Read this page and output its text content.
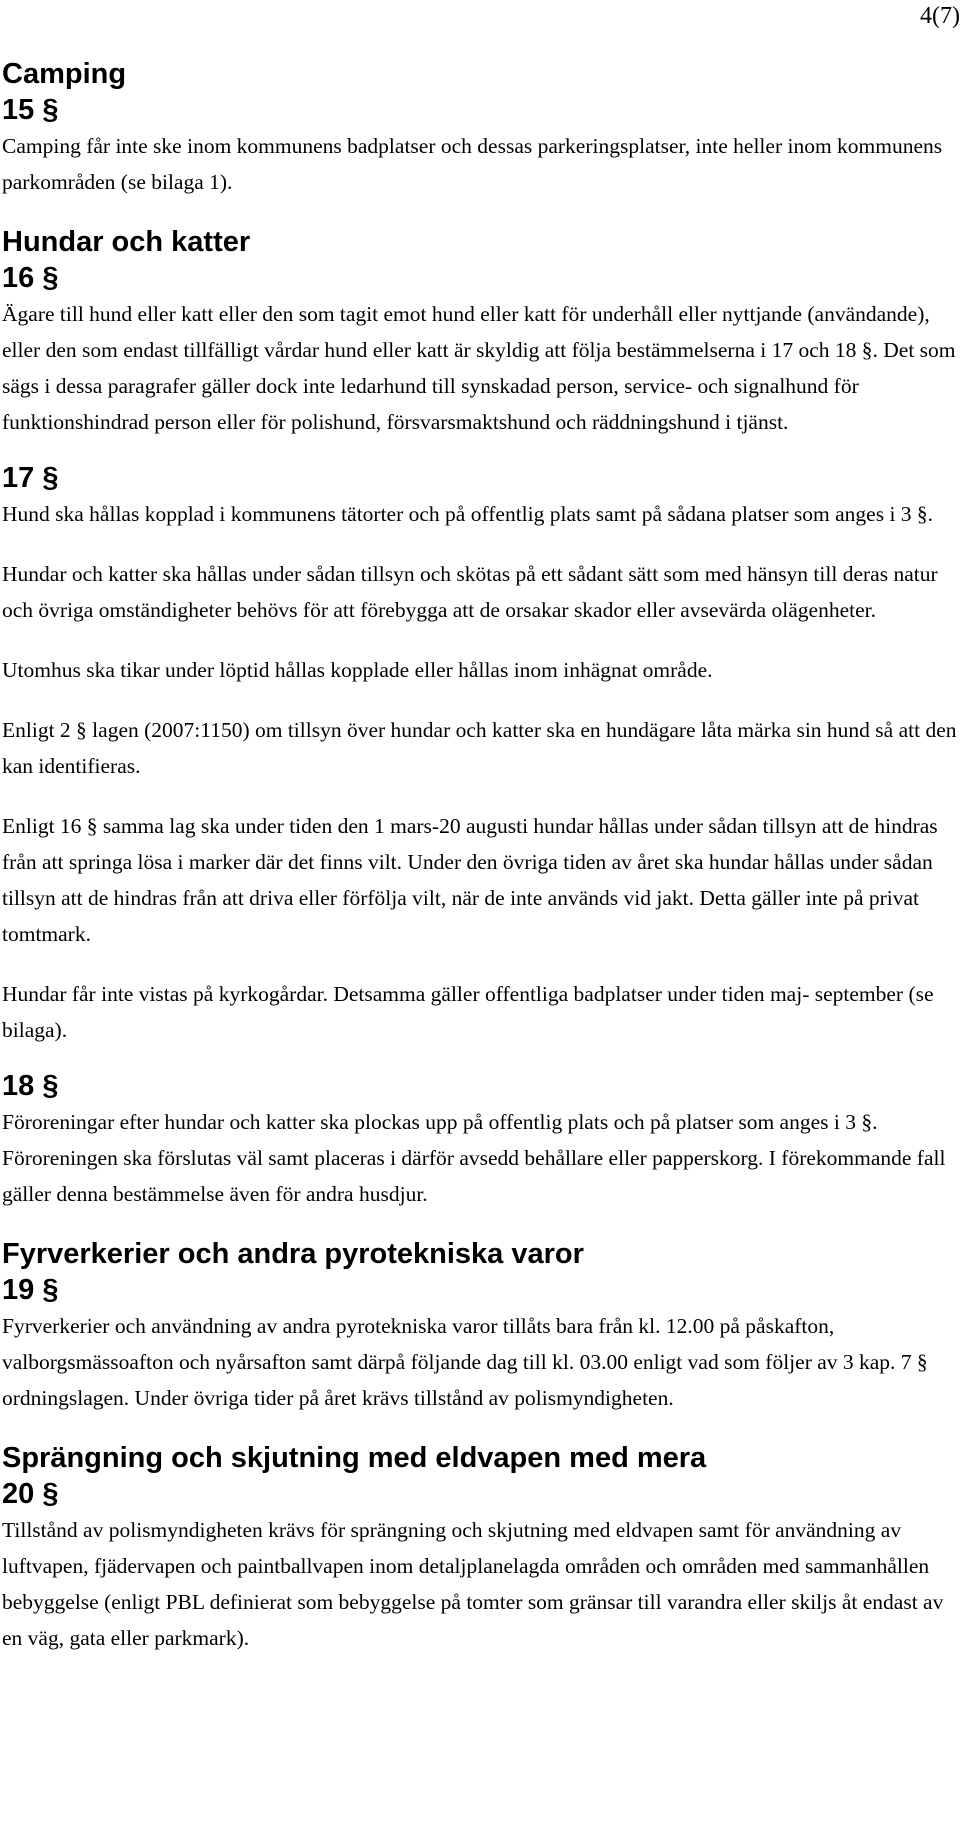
4(7)
Camping
15 §

Camping får inte ske inom kommunens badplatser och dessas parkeringsplatser, inte heller inom kommunens parkområden (se bilaga 1).

Hundar och katter
16 §

Ägare till hund eller katt eller den som tagit emot hund eller katt för underhåll eller nyttjande (användande), eller den som endast tillfälligt vårdar hund eller katt är skyldig att följa bestämmelserna i 17 och 18 §. Det som sägs i dessa paragrafer gäller dock inte ledarhund till synskadad person, service- och signalhund för funktionshindrad person eller för polishund, försvarsmaktshund och räddningshund i tjänst.

17 §

Hund ska hållas kopplad i kommunens tätorter och på offentlig plats samt på sådana platser som anges i 3 §.

Hundar och katter ska hållas under sådan tillsyn och skötas på ett sådant sätt som med hänsyn till deras natur och övriga omständigheter behövs för att förebygga att de orsakar skador eller avsevärda olägenheter.

Utomhus ska tikar under löptid hållas kopplade eller hållas inom inhägnat område.

Enligt 2 § lagen (2007:1150) om tillsyn över hundar och katter ska en hundägare låta märka sin hund så att den kan identifieras.

Enligt 16 § samma lag ska under tiden den 1 mars-20 augusti hundar hållas under sådan tillsyn att de hindras från att springa lösa i marker där det finns vilt. Under den övriga tiden av året ska hundar hållas under sådan tillsyn att de hindras från att driva eller förfölja vilt, när de inte används vid jakt. Detta gäller inte på privat tomtmark.

Hundar får inte vistas på kyrkogårdar. Detsamma gäller offentliga badplatser under tiden maj- september (se bilaga).

18 §

Föroreningar efter hundar och katter ska plockas upp på offentlig plats och på platser som anges i 3 §. Föroreningen ska förslutas väl samt placeras i därför avsedd behållare eller papperskorg. I förekommande fall gäller denna bestämmelse även för andra husdjur.

Fyrverkerier och andra pyrotekniska varor
19 §

Fyrverkerier och användning av andra pyrotekniska varor tillåts bara från kl. 12.00 på påskafton, valborgsmässoafton och nyårsafton samt därpå följande dag till kl. 03.00 enligt vad som följer av 3 kap. 7 § ordningslagen. Under övriga tider på året krävs tillstånd av polismyndigheten.

Sprängning och skjutning med eldvapen med mera
20 §

Tillstånd av polismyndigheten krävs för sprängning och skjutning med eldvapen samt för användning av luftvapen, fjädervapen och paintballvapen inom detaljplanelagda områden och områden med sammanhållen bebyggelse (enligt PBL definierat som bebyggelse på tomter som gränsar till varandra eller skiljs åt endast av en väg, gata eller parkmark).
